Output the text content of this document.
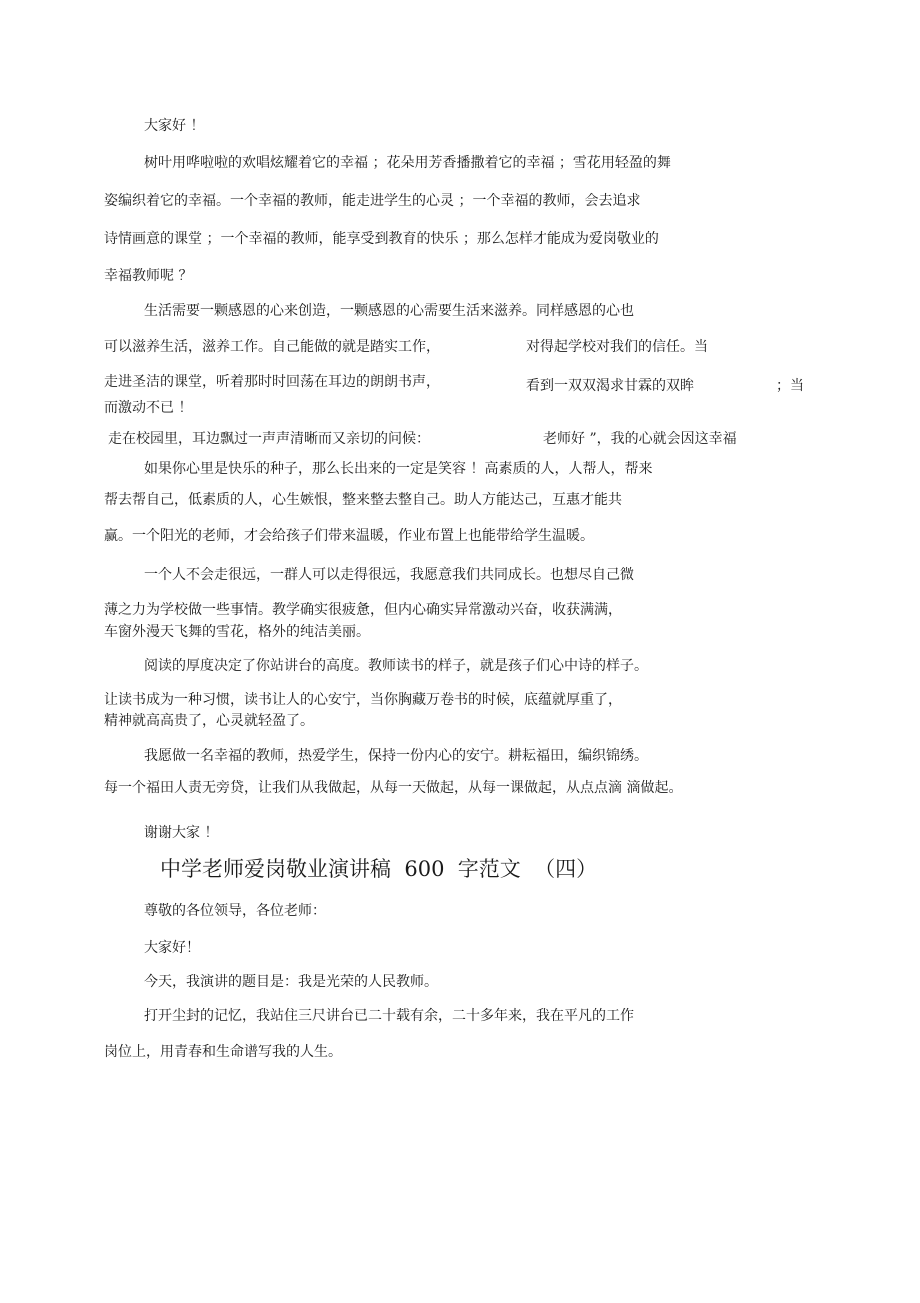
大家好 ！
树叶用哗啦啦的欢唱炫耀着它的幸福 ；花朵用芳香播撒着它的幸福 ；雪花用轻盈的舞
姿编织着它的幸福。一个幸福的教师，能走进学生的心灵 ；一个幸福的教师，会去追求
诗情画意的课堂 ；一个幸福的教师，能享受到教育的快乐 ；那么怎样才能成为爱岗敬业的
幸福教师呢 ？
生活需要一颗感恩的心来创造，一颗感恩的心需要生活来滋养。同样感恩的心也
可以滋养生活，滋养工作。自己能做的就是踏实工作，	对得起学校对我们的信任。当
走进圣洁的课堂，听着那时时回荡在耳边的朗朗书声，	看到一双双渴求甘霖的双眸	；当
而激动不已 ！
走在校园里，耳边飘过一声声清晰而又亲切的问候：	老师好 ”，我的心就会因这幸福
如果你心里是快乐的种子，那么长出来的一定是笑容 ！高素质的人，人帮人，帮来
帮去帮自己，低素质的人，心生嫉恨，整来整去整自己。助人方能达己，互惠才能共
赢。一个阳光的老师，才会给孩子们带来温暖，作业布置上也能带给学生温暖。
一个人不会走很远，一群人可以走得很远，我愿意我们共同成长。也想尽自己微
薄之力为学校做一些事情。教学确实很疲惫，但内心确实异常激动兴奋，收获满满，
车窗外漫天飞舞的雪花，格外的纯洁美丽。
阅读的厚度决定了你站讲台的高度。教师读书的样子，就是孩子们心中诗的样子。
让读书成为一种习惯，读书让人的心安宁，当你胸藏万卷书的时候，底蕴就厚重了，
精神就高高贵了，心灵就轻盈了。
我愿做一名幸福的教师，热爱学生，保持一份内心的安宁。耕耘福田，编织锦绣。
每一个福田人责无旁贷，让我们从我做起，从每一天做起，从每一课做起，从点点滴 滴做起。
谢谢大家 ！
中学老师爱岗敬业演讲稿  600  字范文  （四）
尊敬的各位领导，各位老师：
大家好！
今天，我演讲的题目是：我是光荣的人民教师。
打开尘封的记忆，我站住三尺讲台已二十载有余，二十多年来，我在平凡的工作
岗位上，用青春和生命谱写我的人生。
